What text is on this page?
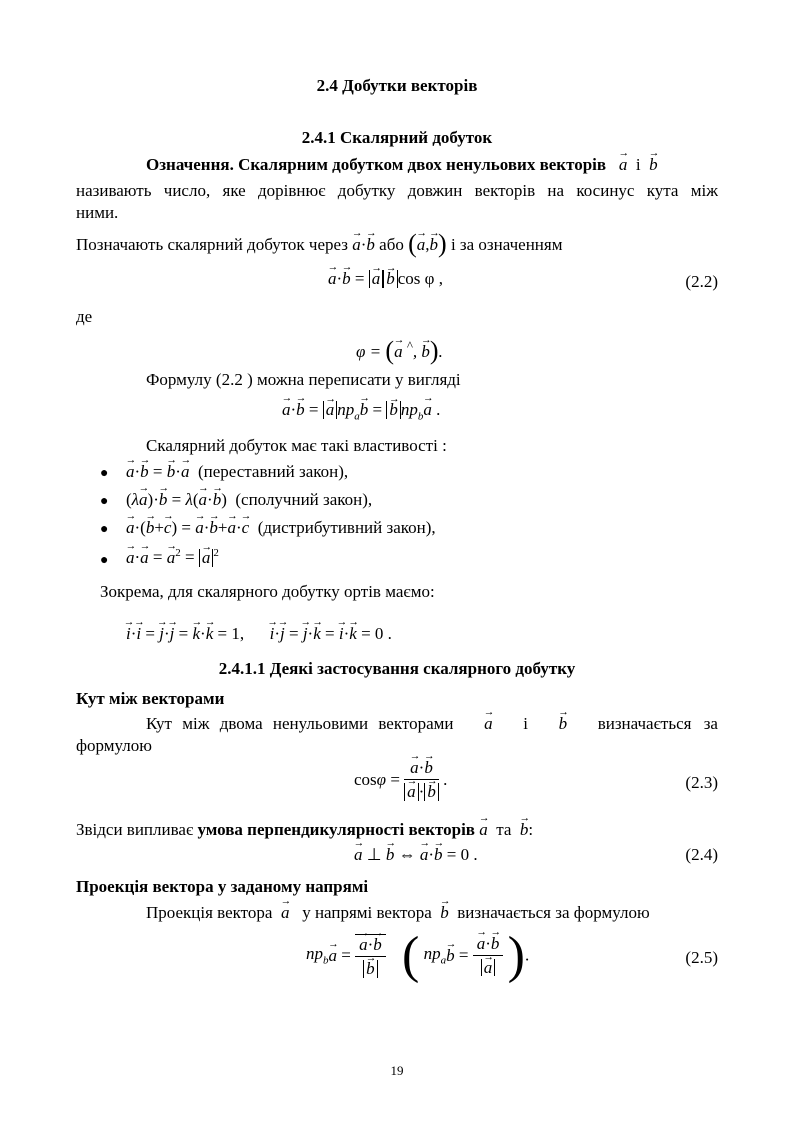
2.4 Добутки векторів
2.4.1 Скалярний добуток
Означення. Скалярним добутком двох ненульових векторів → a і → b
називають число, яке дорівнює добутку довжин векторів на косинус кута між
ними.
Позначають скалярний добуток через → a·→ b або (→ a,→ b) і за означенням
→ a·→ b = → a → b cos φ ,	(2.2)
де
φ = (→ a ^, → b).
Формулу (2.2 ) можна переписати у вигляді
→ a·→ b = → a $пр_a\to b$ = → b $пр_b\to a$ .
Скалярний добуток має такі властивості :
● → a·→ b = → b·→ a (переставний закон),
● (λ→ a)·→ b = λ(→ a·→ b)  (сполучний закон),
● → a·(→ b+→ c) = → a·→ b+→ a·→ c (дистрибутивний закон),
● → a·→ a = → $a^2$ = → a $^2$
Зокрема, для скалярного добутку ортів маємо:
→ i·→ i = → j·→ j = → k·→ k = 1, → i·→ j = → j·→ k = → i·→ k = 0 .
2.4.1.1 Деякі застосування скалярного добутку
Кут між векторами
Кут між двома ненульовими векторами → a і → b визначається за
формулою
cosφ = → a·→ b
→ a · → b .	(2.3)
Звідси випливає умова перпендикулярності векторів → a та → b:
→ a ⊥ → b ⇔ → a·→ b = 0 .	(2.4)
Проекція вектора у заданому напрямі
Проекція вектора → a у напрямі вектора → b визначається за формулою
$пр_b\to a$ = → a·→ b
→ b ( $пр_a\to b$ = → a·→ b
→ a ).	(2.5)
19
